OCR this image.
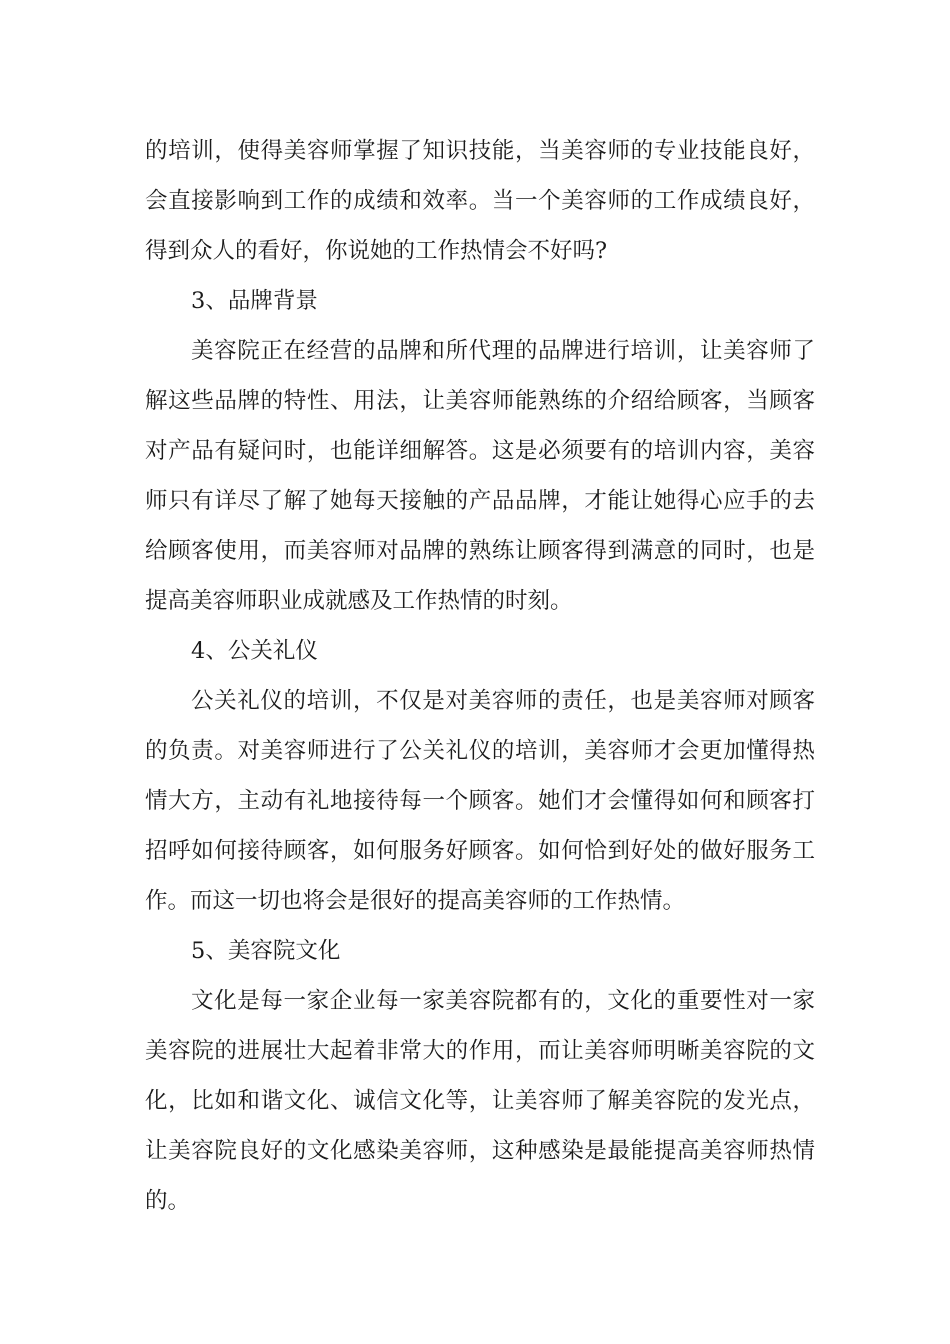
的培训，使得美容师掌握了知识技能，当美容师的专业技能良好，
会直接影响到工作的成绩和效率。当一个美容师的工作成绩良好，
得到众人的看好，你说她的工作热情会不好吗?
3、品牌背景
美容院正在经营的品牌和所代理的品牌进行培训，让美容师了
解这些品牌的特性、用法，让美容师能熟练的介绍给顾客，当顾客
对产品有疑问时，也能详细解答。这是必须要有的培训内容，美容
师只有详尽了解了她每天接触的产品品牌，才能让她得心应手的去
给顾客使用，而美容师对品牌的熟练让顾客得到满意的同时，也是
提高美容师职业成就感及工作热情的时刻。
4、公关礼仪
公关礼仪的培训，不仅是对美容师的责任，也是美容师对顾客
的负责。对美容师进行了公关礼仪的培训，美容师才会更加懂得热
情大方，主动有礼地接待每一个顾客。她们才会懂得如何和顾客打
招呼如何接待顾客，如何服务好顾客。如何恰到好处的做好服务工
作。而这一切也将会是很好的提高美容师的工作热情。
5、美容院文化
文化是每一家企业每一家美容院都有的，文化的重要性对一家
美容院的进展壮大起着非常大的作用，而让美容师明晰美容院的文
化，比如和谐文化、诚信文化等，让美容师了解美容院的发光点，
让美容院良好的文化感染美容师，这种感染是最能提高美容师热情
的。
